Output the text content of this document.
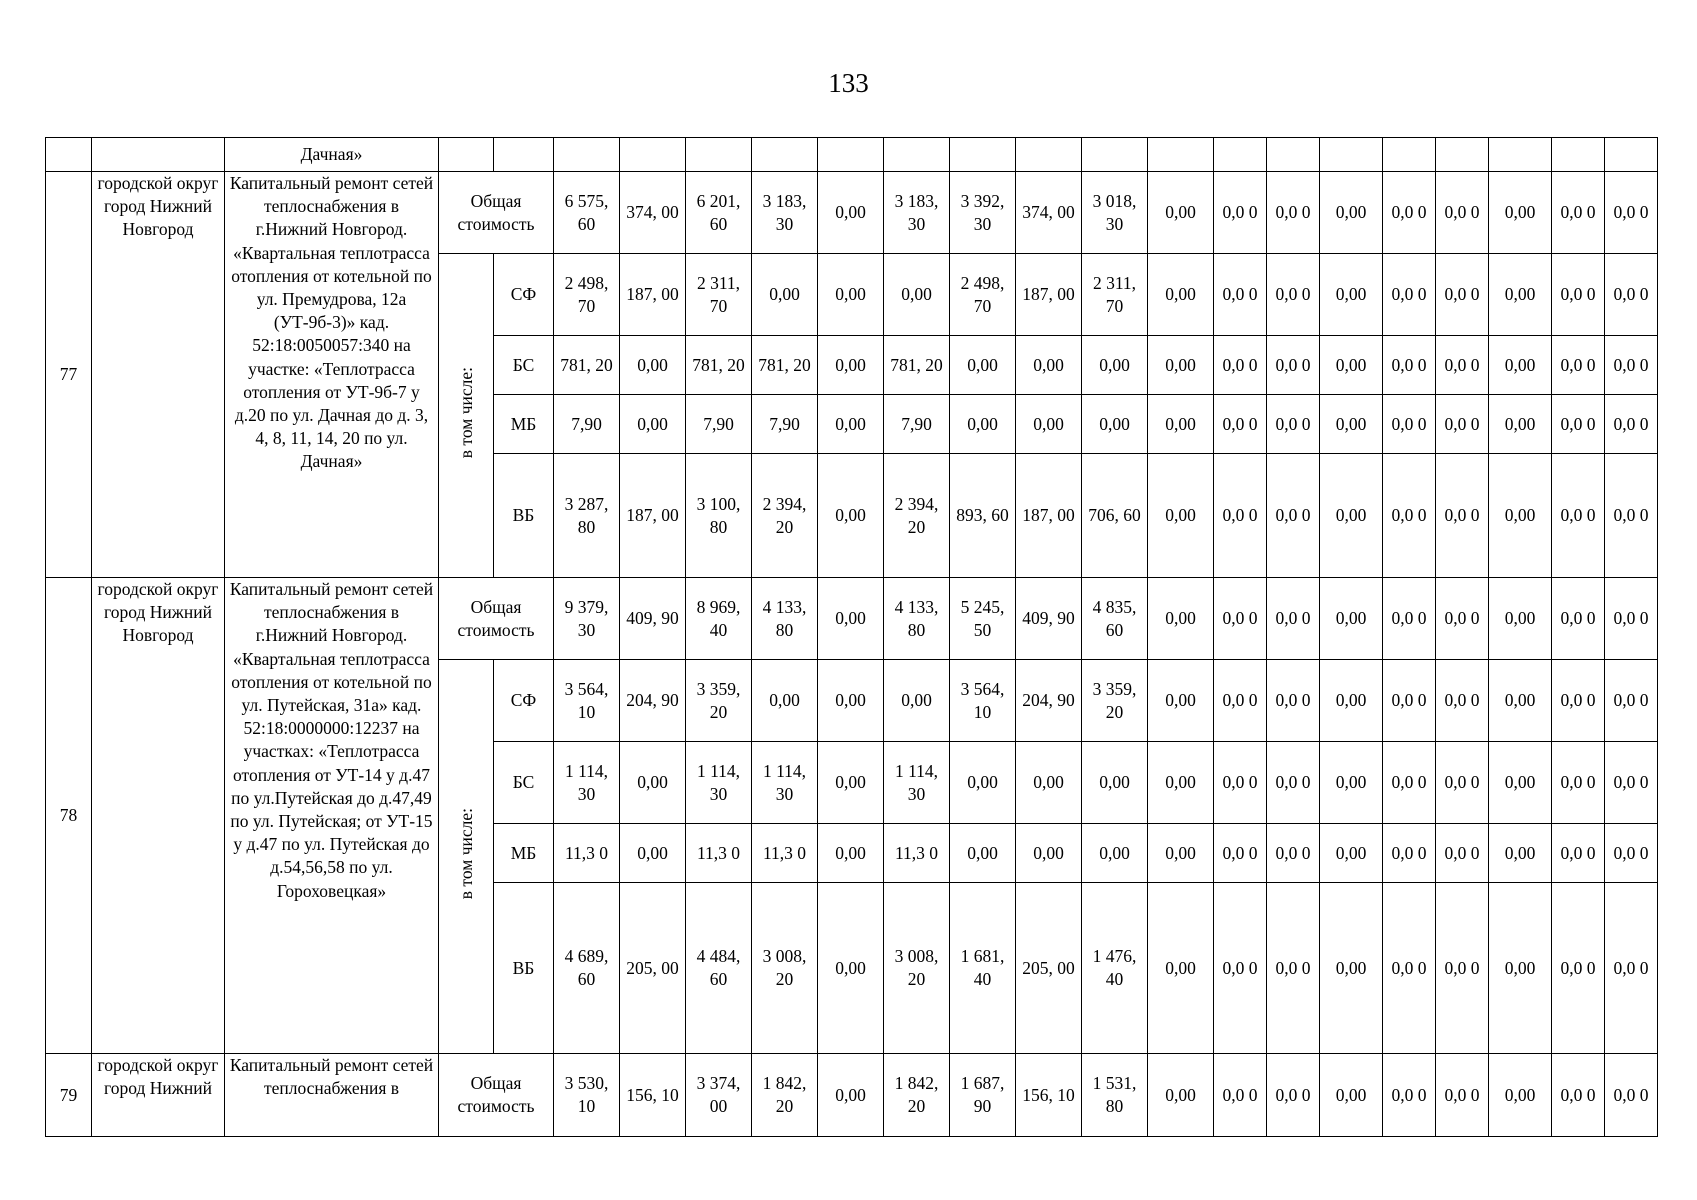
133
		Дачная»																				
77	городской округ город Нижний Новгород	Капитальный ремонт сетей теплоснабжения в г.Нижний Новгород. «Квартальная теплотрасса отопления от котельной по ул. Премудрова, 12а (УТ-9б-3)» кад. 52:18:0050057:340 на участке: «Теплотрасса отопления от УТ-9б-7 у д.20 по ул. Дачная до д. 3, 4, 8, 11, 14, 20 по ул. Дачная»	Общая стоимость		6 575, 60	374, 00	6 201, 60	3 183, 30	0,00	3 183, 30	3 392, 30	374, 00	3 018, 30	0,00	0,0 0	0,0 0	0,00	0,0 0	0,0 0	0,00	0,0 0	0,0 0
			в том числе:	СФ	2 498, 70	187, 00	2 311, 70	0,00	0,00	0,00	2 498, 70	187, 00	2 311, 70	0,00	0,0 0	0,0 0	0,00	0,0 0	0,0 0	0,00	0,0 0	0,0 0
				БС	781, 20	0,00	781, 20	781, 20	0,00	781, 20	0,00	0,00	0,00	0,00	0,0 0	0,0 0	0,00	0,0 0	0,0 0	0,00	0,0 0	0,0 0
				МБ	7,90	0,00	7,90	7,90	0,00	7,90	0,00	0,00	0,00	0,00	0,0 0	0,0 0	0,00	0,0 0	0,0 0	0,00	0,0 0	0,0 0
				ВБ	3 287, 80	187, 00	3 100, 80	2 394, 20	0,00	2 394, 20	893, 60	187, 00	706, 60	0,00	0,0 0	0,0 0	0,00	0,0 0	0,0 0	0,00	0,0 0	0,0 0
78	городской округ город Нижний Новгород	Капитальный ремонт сетей теплоснабжения в г.Нижний Новгород. «Квартальная теплотрасса отопления от котельной по ул. Путейская, 31а» кад. 52:18:0000000:12237 на участках: «Теплотрасса отопления от УТ-14 у д.47 по ул.Путейская до д.47,49 по ул. Путейская; от УТ-15 у д.47 по ул. Путейская до д.54,56,58 по ул. Гороховецкая»	Общая стоимость		9 379, 30	409, 90	8 969, 40	4 133, 80	0,00	4 133, 80	5 245, 50	409, 90	4 835, 60	0,00	0,0 0	0,0 0	0,00	0,0 0	0,0 0	0,00	0,0 0	0,0 0
			в том числе:	СФ	3 564, 10	204, 90	3 359, 20	0,00	0,00	0,00	3 564, 10	204, 90	3 359, 20	0,00	0,0 0	0,0 0	0,00	0,0 0	0,0 0	0,00	0,0 0	0,0 0
				БС	1 114, 30	0,00	1 114, 30	1 114, 30	0,00	1 114, 30	0,00	0,00	0,00	0,00	0,0 0	0,0 0	0,00	0,0 0	0,0 0	0,00	0,0 0	0,0 0
				МБ	11,3 0	0,00	11,3 0	11,3 0	0,00	11,3 0	0,00	0,00	0,00	0,00	0,0 0	0,0 0	0,00	0,0 0	0,0 0	0,00	0,0 0	0,0 0
				ВБ	4 689, 60	205, 00	4 484, 60	3 008, 20	0,00	3 008, 20	1 681, 40	205, 00	1 476, 40	0,00	0,0 0	0,0 0	0,00	0,0 0	0,0 0	0,00	0,0 0	0,0 0
79	городской округ город Нижний	Капитальный ремонт сетей теплоснабжения в	Общая стоимость		3 530, 10	156, 10	3 374, 00	1 842, 20	0,00	1 842, 20	1 687, 90	156, 10	1 531, 80	0,00	0,0 0	0,0 0	0,00	0,0 0	0,0 0	0,00	0,0 0	0,0 0
